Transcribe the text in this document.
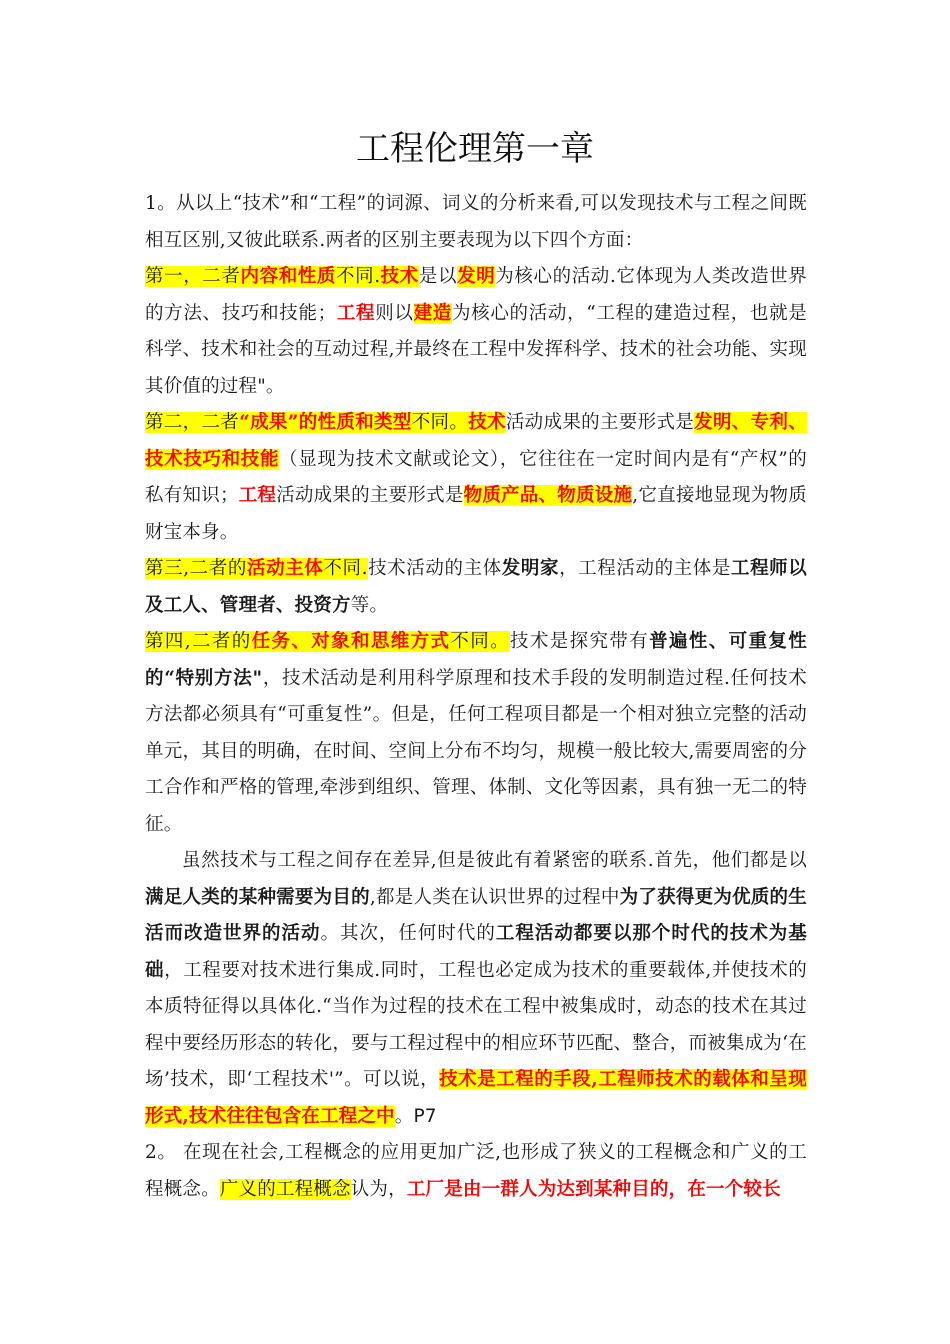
工程伦理第一章

1。从以上“技术”和“工程”的词源、词义的分析来看,可以发现技术与工程之间既相互区别,又彼此联系.两者的区别主要表现为以下四个方面：

第一，二者内容和性质不同.技术是以发明为核心的活动.它体现为人类改造世界的方法、技巧和技能；工程则以建造为核心的活动，“工程的建造过程，也就是科学、技术和社会的互动过程,并最终在工程中发挥科学、技术的社会功能、实现其价值的过程"。

第二，二者“成果”的性质和类型不同。技术活动成果的主要形式是发明、专利、技术技巧和技能（显现为技术文献或论文），它往往在一定时间内是有“产权”的私有知识；工程活动成果的主要形式是物质产品、物质设施,它直接地显现为物质财宝本身。

第三,二者的活动主体不同.技术活动的主体发明家，工程活动的主体是工程师以及工人、管理者、投资方等。

第四,二者的任务、对象和思维方式不同。技术是探究带有普遍性、可重复性的“特别方法"，技术活动是利用科学原理和技术手段的发明制造过程.任何技术方法都必须具有“可重复性”。但是，任何工程项目都是一个相对独立完整的活动单元，其目的明确，在时间、空间上分布不均匀，规模一般比较大,需要周密的分工合作和严格的管理,牵涉到组织、管理、体制、文化等因素，具有独一无二的特征。

虽然技术与工程之间存在差异,但是彼此有着紧密的联系.首先，他们都是以满足人类的某种需要为目的,都是人类在认识世界的过程中为了获得更为优质的生活而改造世界的活动。其次，任何时代的工程活动都要以那个时代的技术为基础，工程要对技术进行集成.同时，工程也必定成为技术的重要载体,并使技术的本质特征得以具体化.“当作为过程的技术在工程中被集成时，动态的技术在其过程中要经历形态的转化，要与工程过程中的相应环节匹配、整合，而被集成为‘在场’技术，即‘工程技术'”。可以说，技术是工程的手段,工程师技术的载体和呈现形式,技术往往包含在工程之中。P7

2。 在现在社会,工程概念的应用更加广泛,也形成了狭义的工程概念和广义的工程概念。广义的工程概念认为，工厂是由一群人为达到某种目的，在一个较长
